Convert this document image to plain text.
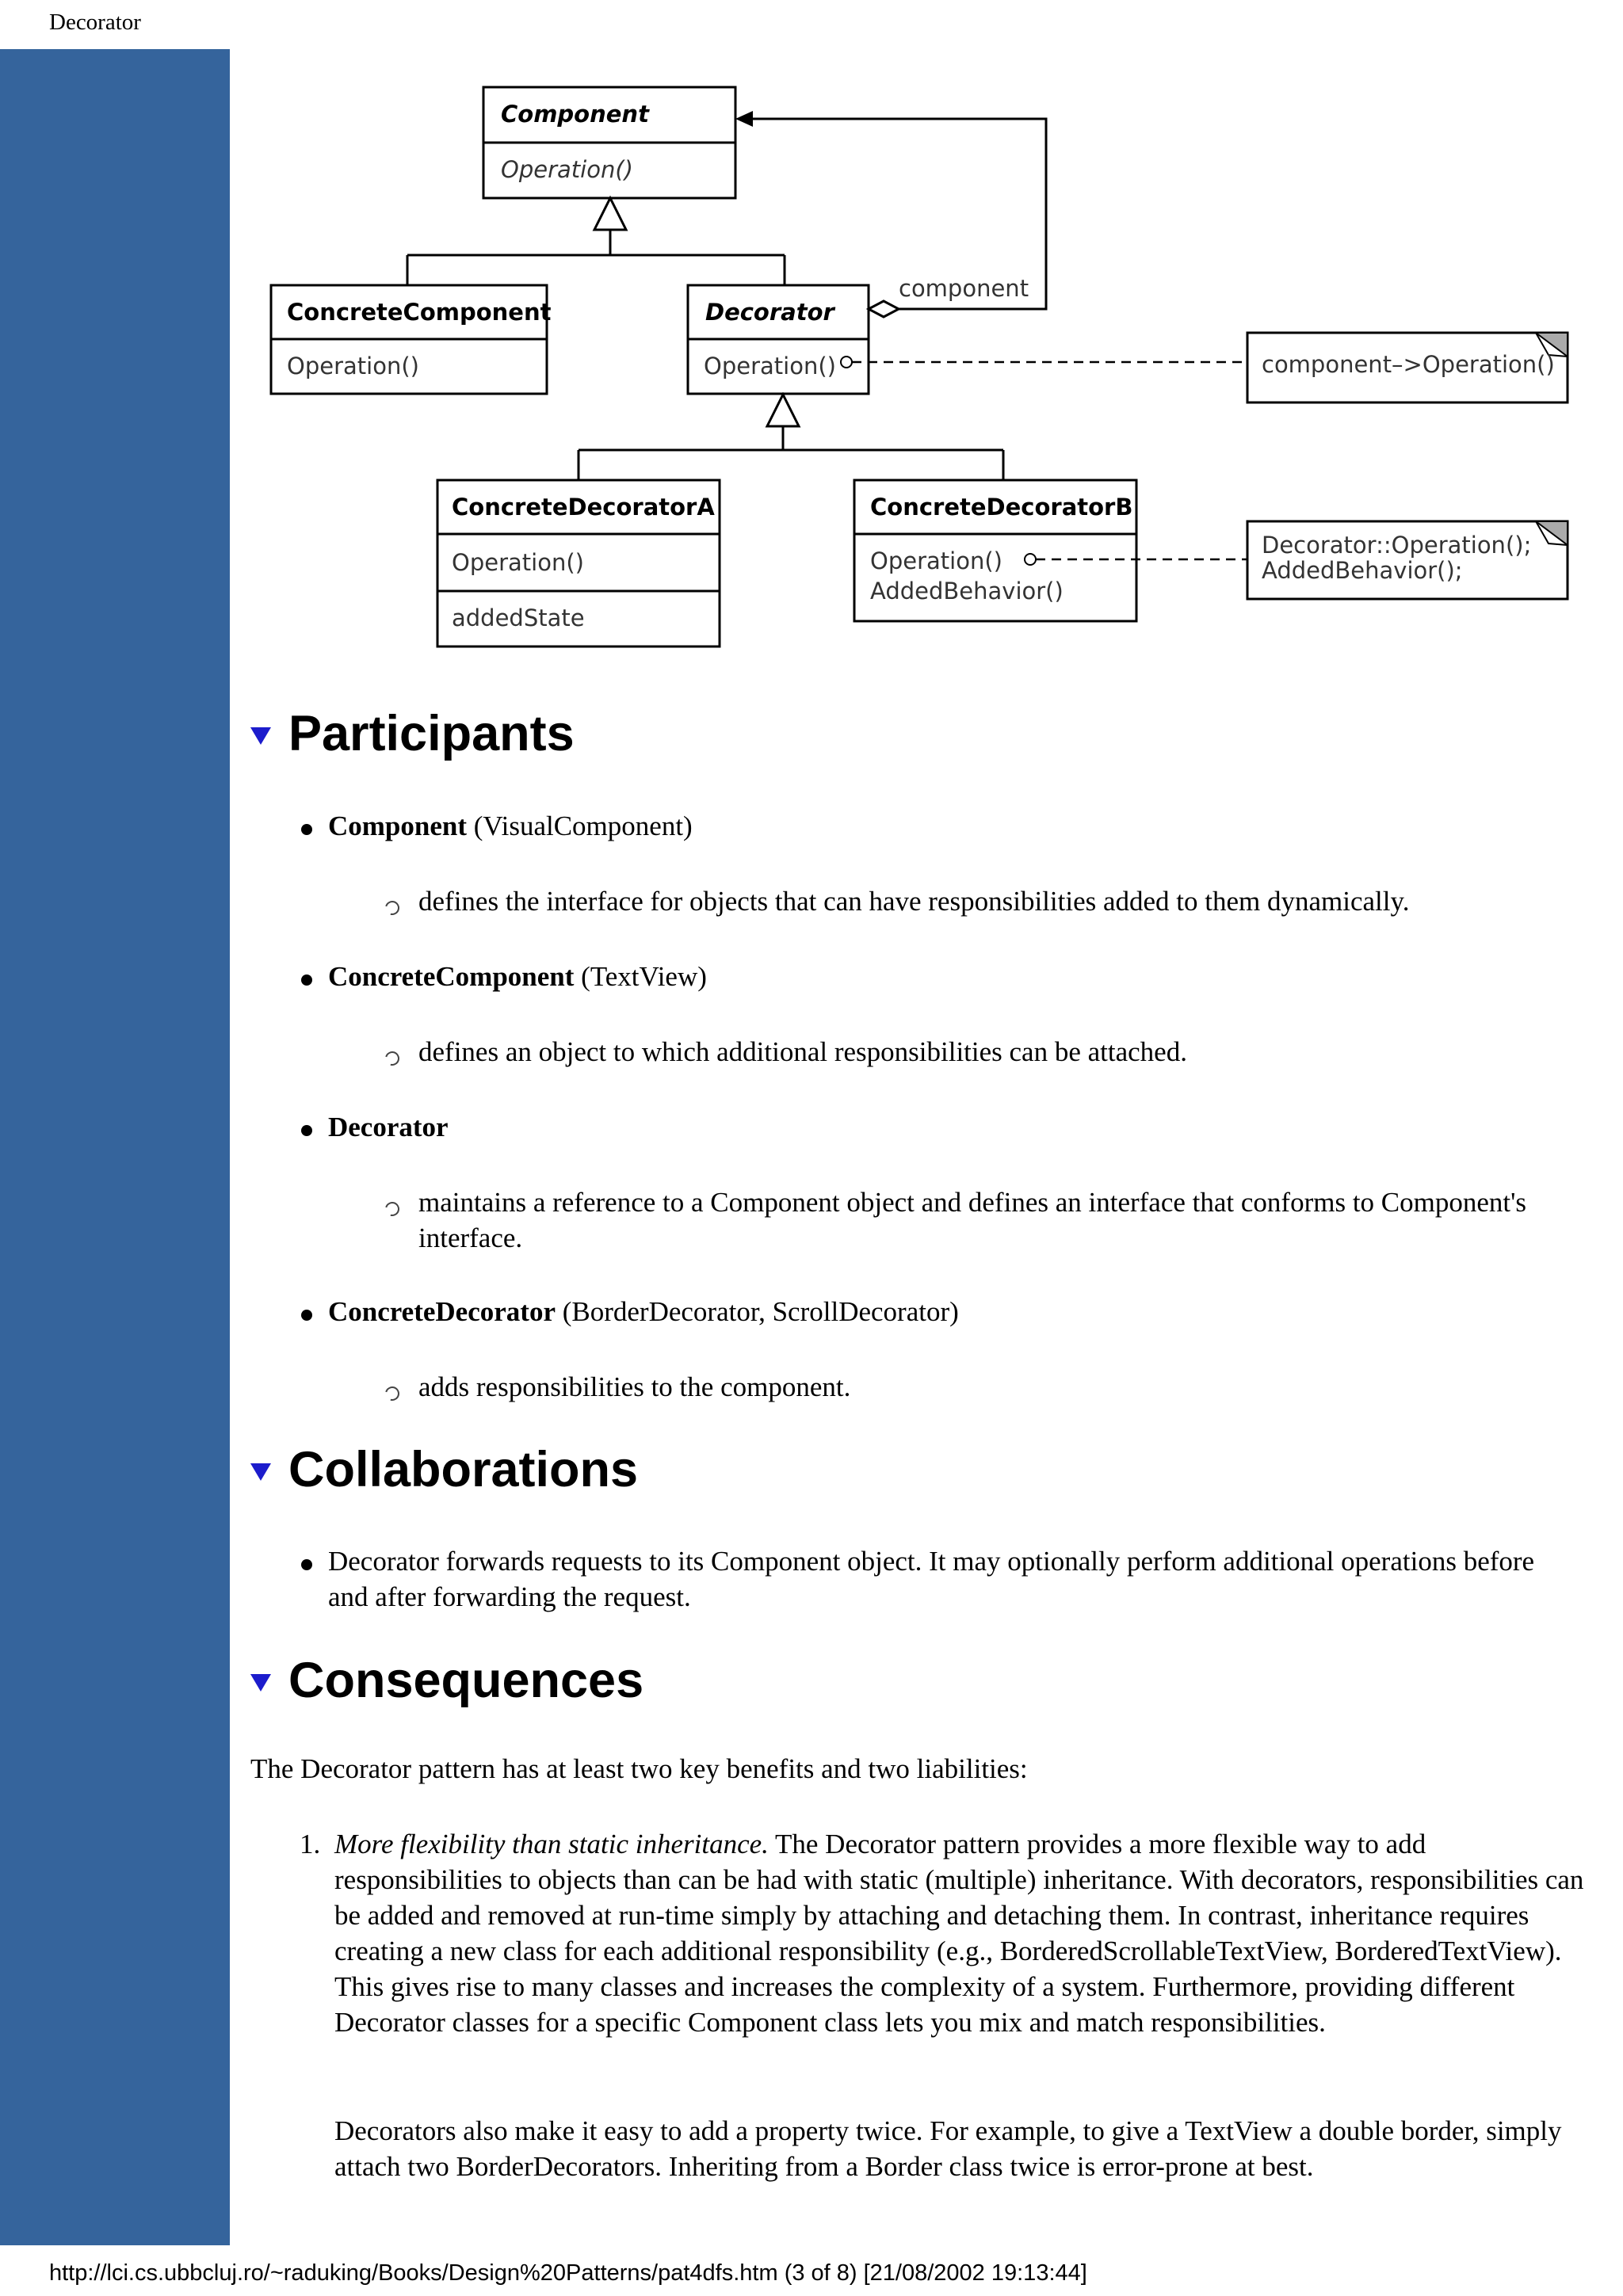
Decorator
Component
Operation()
ConcreteComponent
Operation()
Decorator
Operation()
component
component–>Operation()
ConcreteDecoratorA
Operation()
addedState
ConcreteDecoratorB
Operation()
AddedBehavior()
Decorator::Operation();
AddedBehavior();
Participants
Component (VisualComponent)
defines the interface for objects that can have responsibilities added to them dynamically.
ConcreteComponent (TextView)
defines an object to which additional responsibilities can be attached.
Decorator
maintains a reference to a Component object and defines an interface that conforms to Component's interface.
ConcreteDecorator (BorderDecorator, ScrollDecorator)
adds responsibilities to the component.
Collaborations
Decorator forwards requests to its Component object. It may optionally perform additional operations before and after forwarding the request.
Consequences
The Decorator pattern has at least two key benefits and two liabilities:
1. More flexibility than static inheritance. The Decorator pattern provides a more flexible way to add responsibilities to objects than can be had with static (multiple) inheritance. With decorators, responsibilities can be added and removed at run-time simply by attaching and detaching them. In contrast, inheritance requires creating a new class for each additional responsibility (e.g., BorderedScrollableTextView, BorderedTextView). This gives rise to many classes and increases the complexity of a system. Furthermore, providing different Decorator classes for a specific Component class lets you mix and match responsibilities.
Decorators also make it easy to add a property twice. For example, to give a TextView a double border, simply attach two BorderDecorators. Inheriting from a Border class twice is error-prone at best.
http://lci.cs.ubbcluj.ro/~raduking/Books/Design%20Patterns/pat4dfs.htm (3 of 8) [21/08/2002 19:13:44]
